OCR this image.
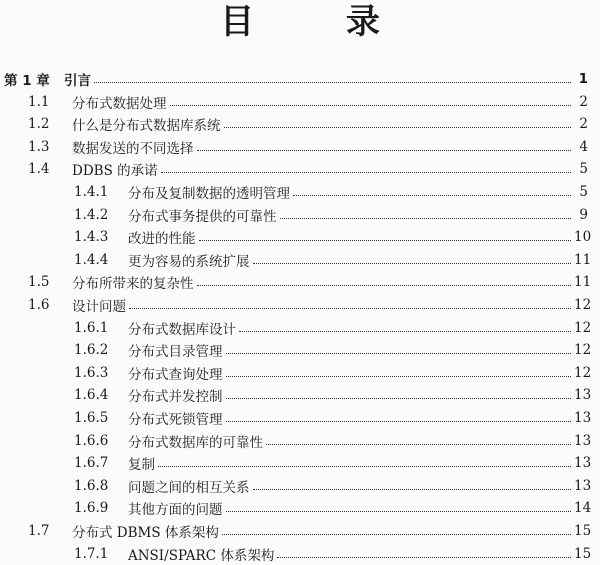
目 录
第 1 章	引言	1
1.1	分布式数据处理	2
1.2	什么是分布式数据库系统	2
1.3	数据发送的不同选择	4
1.4	DDBS 的承诺	5
1.4.1	分布及复制数据的透明管理	5
1.4.2	分布式事务提供的可靠性	9
1.4.3	改进的性能	10
1.4.4	更为容易的系统扩展	11
1.5	分布所带来的复杂性	11
1.6	设计问题	12
1.6.1	分布式数据库设计	12
1.6.2	分布式目录管理	12
1.6.3	分布式查询处理	12
1.6.4	分布式并发控制	13
1.6.5	分布式死锁管理	13
1.6.6	分布式数据库的可靠性	13
1.6.7	复制	13
1.6.8	问题之间的相互关系	13
1.6.9	其他方面的问题	14
1.7	分布式 DBMS 体系架构	15
1.7.1	ANSI/SPARC 体系架构	15
